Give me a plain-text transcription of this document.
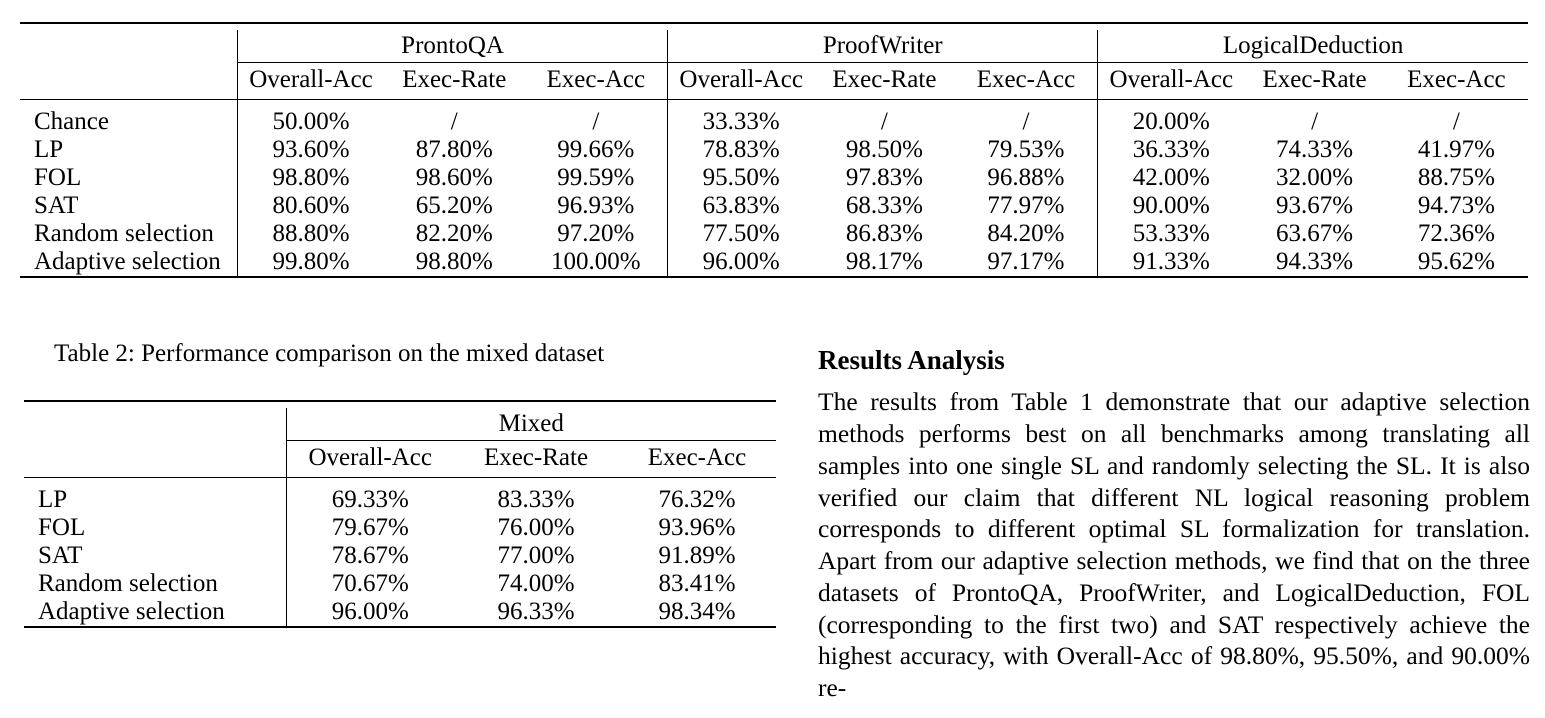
	ProntoQA			ProofWriter			LogicalDeduction		
	Overall-Acc	Exec-Rate	Exec-Acc	Overall-Acc	Exec-Rate	Exec-Acc	Overall-Acc	Exec-Rate	Exec-Acc

Chance	50.00%	/	/	33.33%	/	/	20.00%	/	/
LP	93.60%	87.80%	99.66%	78.83%	98.50%	79.53%	36.33%	74.33%	41.97%
FOL	98.80%	98.60%	99.59%	95.50%	97.83%	96.88%	42.00%	32.00%	88.75%
SAT	80.60%	65.20%	96.93%	63.83%	68.33%	77.97%	90.00%	93.67%	94.73%
Random selection	88.80%	82.20%	97.20%	77.50%	86.83%	84.20%	53.33%	63.67%	72.36%
Adaptive selection	99.80%	98.80%	100.00%	96.00%	98.17%	97.17%	91.33%	94.33%	95.62%

Table 2: Performance comparison on the mixed dataset

	Mixed		
	Overall-Acc	Exec-Rate	Exec-Acc

LP	69.33%	83.33%	76.32%
FOL	79.67%	76.00%	93.96%
SAT	78.67%	77.00%	91.89%
Random selection	70.67%	74.00%	83.41%
Adaptive selection	96.00%	96.33%	98.34%

Results Analysis

The results from Table 1 demonstrate that our adaptive selection methods performs best on all benchmarks among translating all samples into one single SL and randomly selecting the SL. It is also verified our claim that different NL logical reasoning problem corresponds to different optimal SL formalization for translation. Apart from our adaptive selection methods, we find that on the three datasets of ProntoQA, ProofWriter, and LogicalDeduction, FOL (corresponding to the first two) and SAT respectively achieve the highest accuracy, with Overall-Acc of 98.80%, 95.50%, and 90.00% re-
